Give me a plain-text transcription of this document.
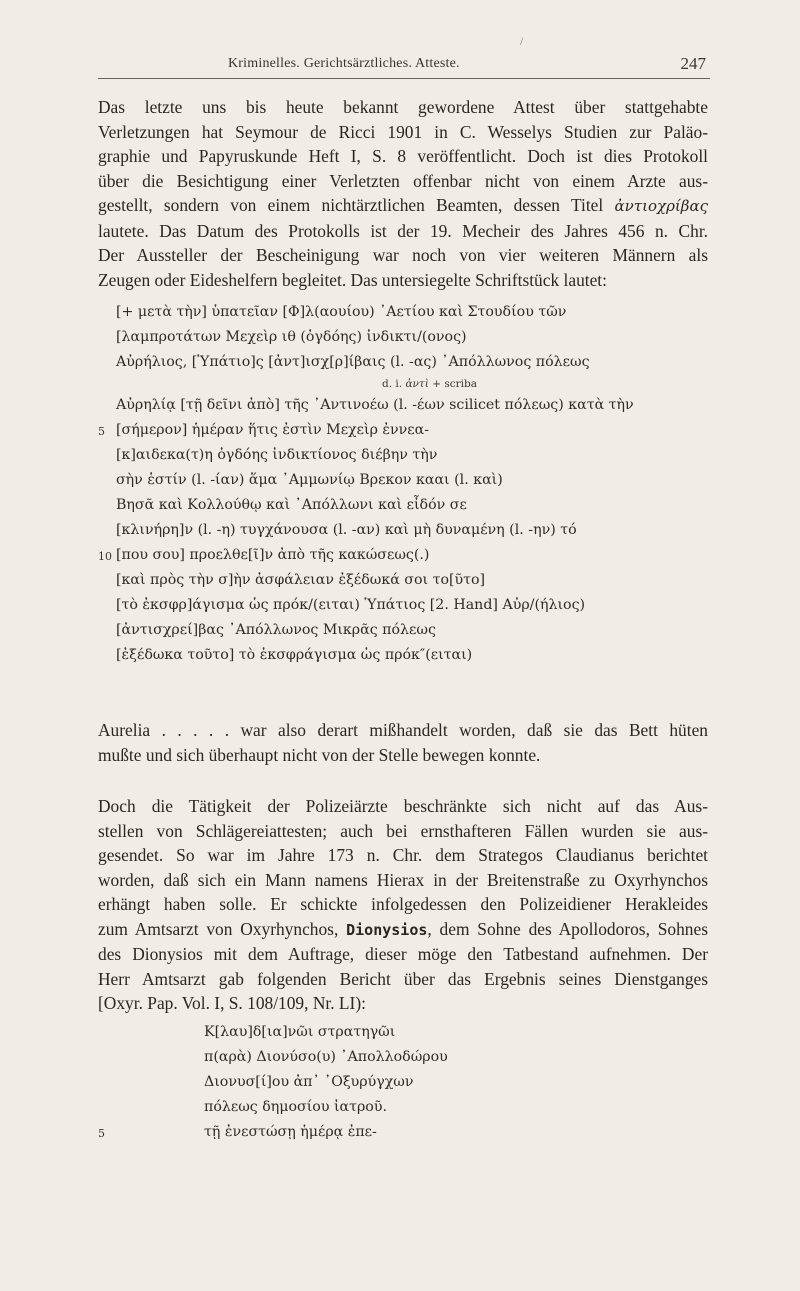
Kriminelles. Gerichtsärztliches. Atteste.	247
/

Das letzte uns bis heute bekannt gewordene Attest über stattgehabte
Verletzungen hat Seymour de Ricci 1901 in C. Wesselys Studien zur Paläo-
graphie und Papyruskunde Heft I, S. 8 veröffentlicht. Doch ist dies Protokoll
über die Besichtigung einer Verletzten offenbar nicht von einem Arzte aus-
gestellt, sondern von einem nichtärztlichen Beamten, dessen Titel ἀντιοχρίβας
lautete. Das Datum des Protokolls ist der 19. Mecheir des Jahres 456 n. Chr.
Der Aussteller der Bescheinigung war noch von vier weiteren Männern als
Zeugen oder Eideshelfern begleitet. Das untersiegelte Schriftstück lautet:

[+ μετὰ τὴν] ὑπατεῖαν [Φ]λ(αουίου) ᾿Αετίου καὶ Στουδίου τῶν
[λαμπροτάτων Μεχεὶρ ιθ (ὀγδόης) ἰνδικτι/(ονος)
Αὐρήλιος, [Ὑπάτιο]ς [ἀντ]ισχ[ρ]ίβαις (l. -ας) ᾿Απόλλωνος πόλεως
d. i. ἀντὶ + scriba
Αὐρηλίᾳ [τῇ δεῖνι ἀπὸ] τῆς ᾿Αντινοέω (l. -έων scilicet πόλεως) κατὰ τὴν
5 [σήμερον] ἡμέραν ἥτις ἐστὶν Μεχεὶρ ἐννεα-
[κ]αιδεκα(τ)η ὀγδόης ἰνδικτίονος διέβην τὴν
σὴν ἑστίν (l. -ίαν) ἅμα ᾿Αμμωνίῳ Βρεκον κααι (l. καὶ)
Βησᾶ καὶ Κολλούθῳ καὶ ᾿Απόλλωνι καὶ εἶδόν σε
[κλινήρη]ν (l. -η) τυγχάνουσα (l. -αν) καὶ μὴ δυναμένη (l. -ην) τό
10 [που σου] προελθε[ῖ]ν ἀπὸ τῆς κακώσεως(.)
[καὶ πρὸς τὴν σ]ὴν ἀσφάλειαν ἐξέδωκά σοι το[ῦτο]
[τὸ ἐκσφρ]άγισμα ὡς πρόκ/(ειται) Ὑπάτιος [2. Hand] Αὐρ/(ήλιος)
[ἀντισχρεί]βας ᾿Απόλλωνος Μικρᾶς πόλεως
[ἐξέδωκα τοῦτο] τὸ ἐκσφράγισμα ὡς πρόκ″(ειται)

Aurelia . . . . . war also derart mißhandelt worden, daß sie das Bett hüten
mußte und sich überhaupt nicht von der Stelle bewegen konnte.

Doch die Tätigkeit der Polizeiärzte beschränkte sich nicht auf das Aus-
stellen von Schlägereiattesten; auch bei ernsthafteren Fällen wurden sie aus-
gesendet. So war im Jahre 173 n. Chr. dem Strategos Claudianus berichtet
worden, daß sich ein Mann namens Hierax in der Breitenstraße zu Oxyrhynchos
erhängt haben solle. Er schickte infolgedessen den Polizeidiener Herakleides
zum Amtsarzt von Oxyrhynchos, Dionysios, dem Sohne des Apollodoros, Sohnes
des Dionysios mit dem Auftrage, dieser möge den Tatbestand aufnehmen. Der
Herr Amtsarzt gab folgenden Bericht über das Ergebnis seines Dienstganges
[Oxyr. Pap. Vol. I, S. 108/109, Nr. LI):

Κ[λαυ]δ[ια]νῶι στρατηγῶι
π(αρὰ) Διονύσο(υ) ᾿Απολλοδώρου
Διονυσ[ί]ου ἀπ᾿ ᾿Οξυρύγχων
πόλεως δημοσίου ἰατροῦ.
5	τῇ ἐνεστώσῃ ἡμέρᾳ ἐπε-
